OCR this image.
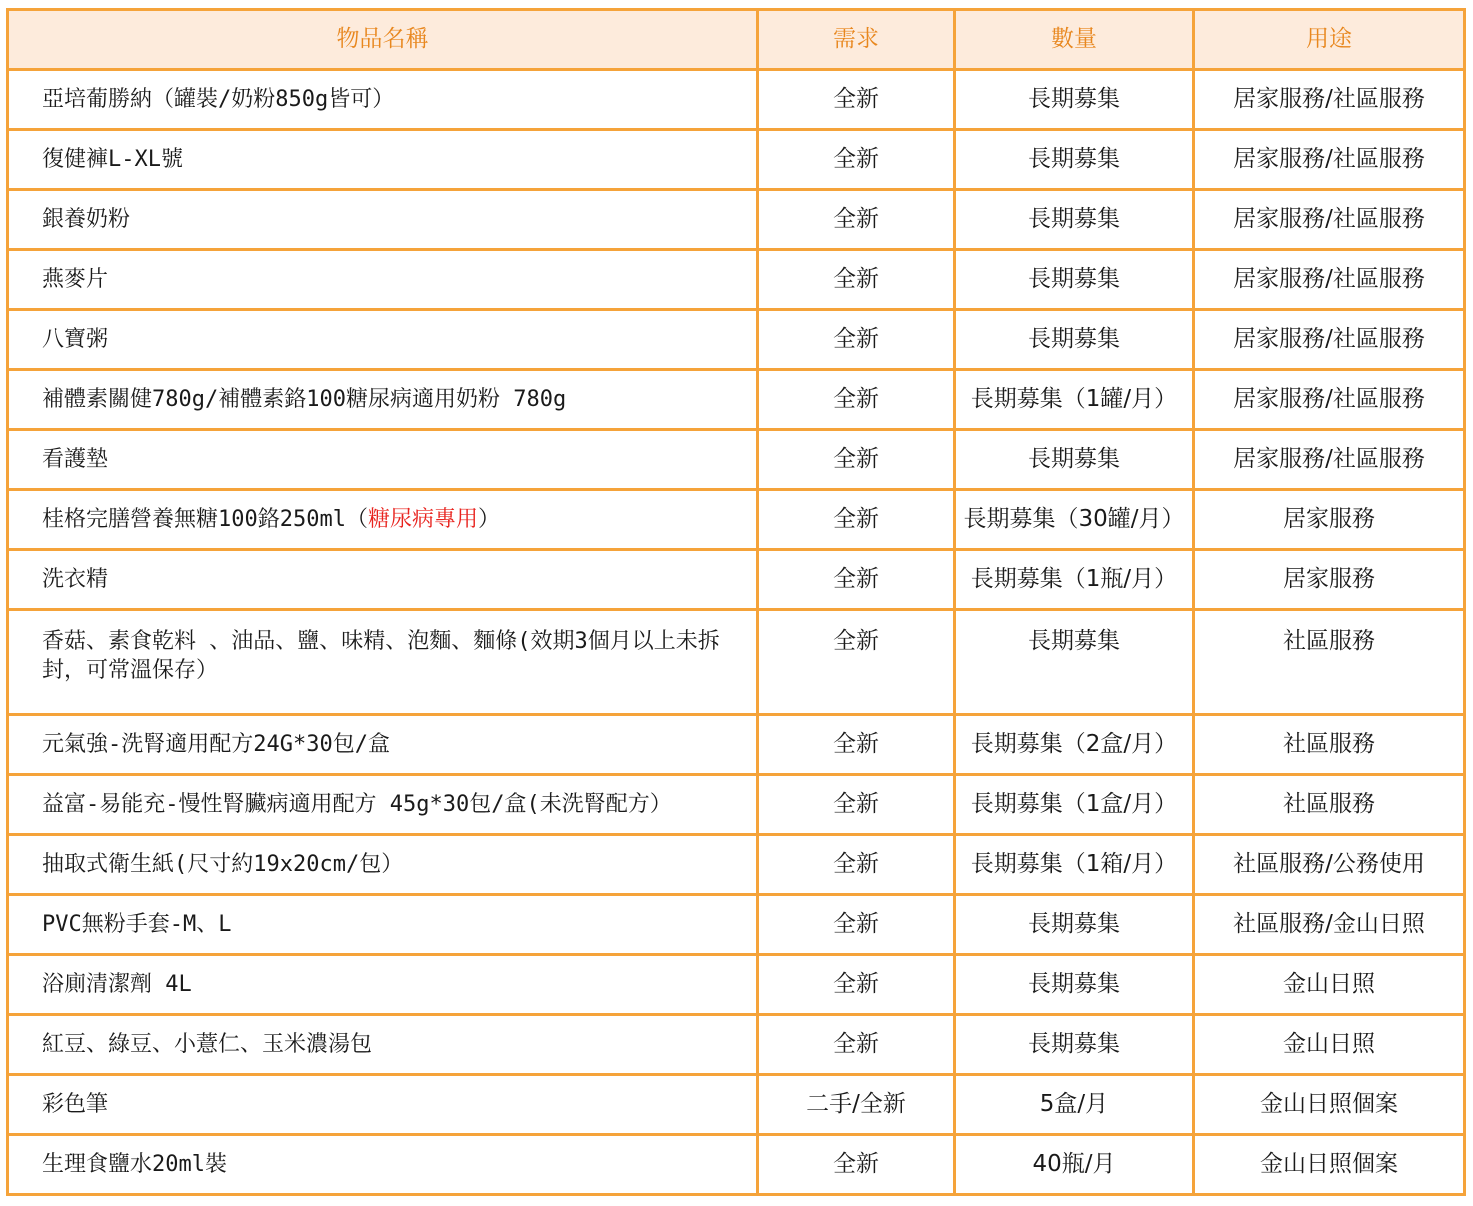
物品名稱	需求	數量	用途
亞培葡勝納（罐裝/奶粉850g皆可）	全新	長期募集	居家服務/社區服務
復健褲L-XL號	全新	長期募集	居家服務/社區服務
銀養奶粉	全新	長期募集	居家服務/社區服務
燕麥片	全新	長期募集	居家服務/社區服務
八寶粥	全新	長期募集	居家服務/社區服務
補體素關健780g/補體素鉻100糖尿病適用奶粉 780g	全新	長期募集（1罐/月）	居家服務/社區服務
看護墊	全新	長期募集	居家服務/社區服務
桂格完膳營養無糖100鉻250ml（糖尿病專用）	全新	長期募集（30罐/月）	居家服務
洗衣精	全新	長期募集（1瓶/月）	居家服務
香菇、素食乾料 、油品、鹽、味精、泡麵、麵條(效期3個月以上未拆封，可常溫保存）	全新	長期募集	社區服務
元氣強-洗腎適用配方24G*30包/盒	全新	長期募集（2盒/月）	社區服務
益富-易能充-慢性腎臟病適用配方 45g*30包/盒(未洗腎配方）	全新	長期募集（1盒/月）	社區服務
抽取式衛生紙(尺寸約19x20cm/包）	全新	長期募集（1箱/月）	社區服務/公務使用
PVC無粉手套-M、L	全新	長期募集	社區服務/金山日照
浴廁清潔劑 4L	全新	長期募集	金山日照
紅豆、綠豆、小薏仁、玉米濃湯包	全新	長期募集	金山日照
彩色筆	二手/全新	5盒/月	金山日照個案
生理食鹽水20ml裝	全新	40瓶/月	金山日照個案
